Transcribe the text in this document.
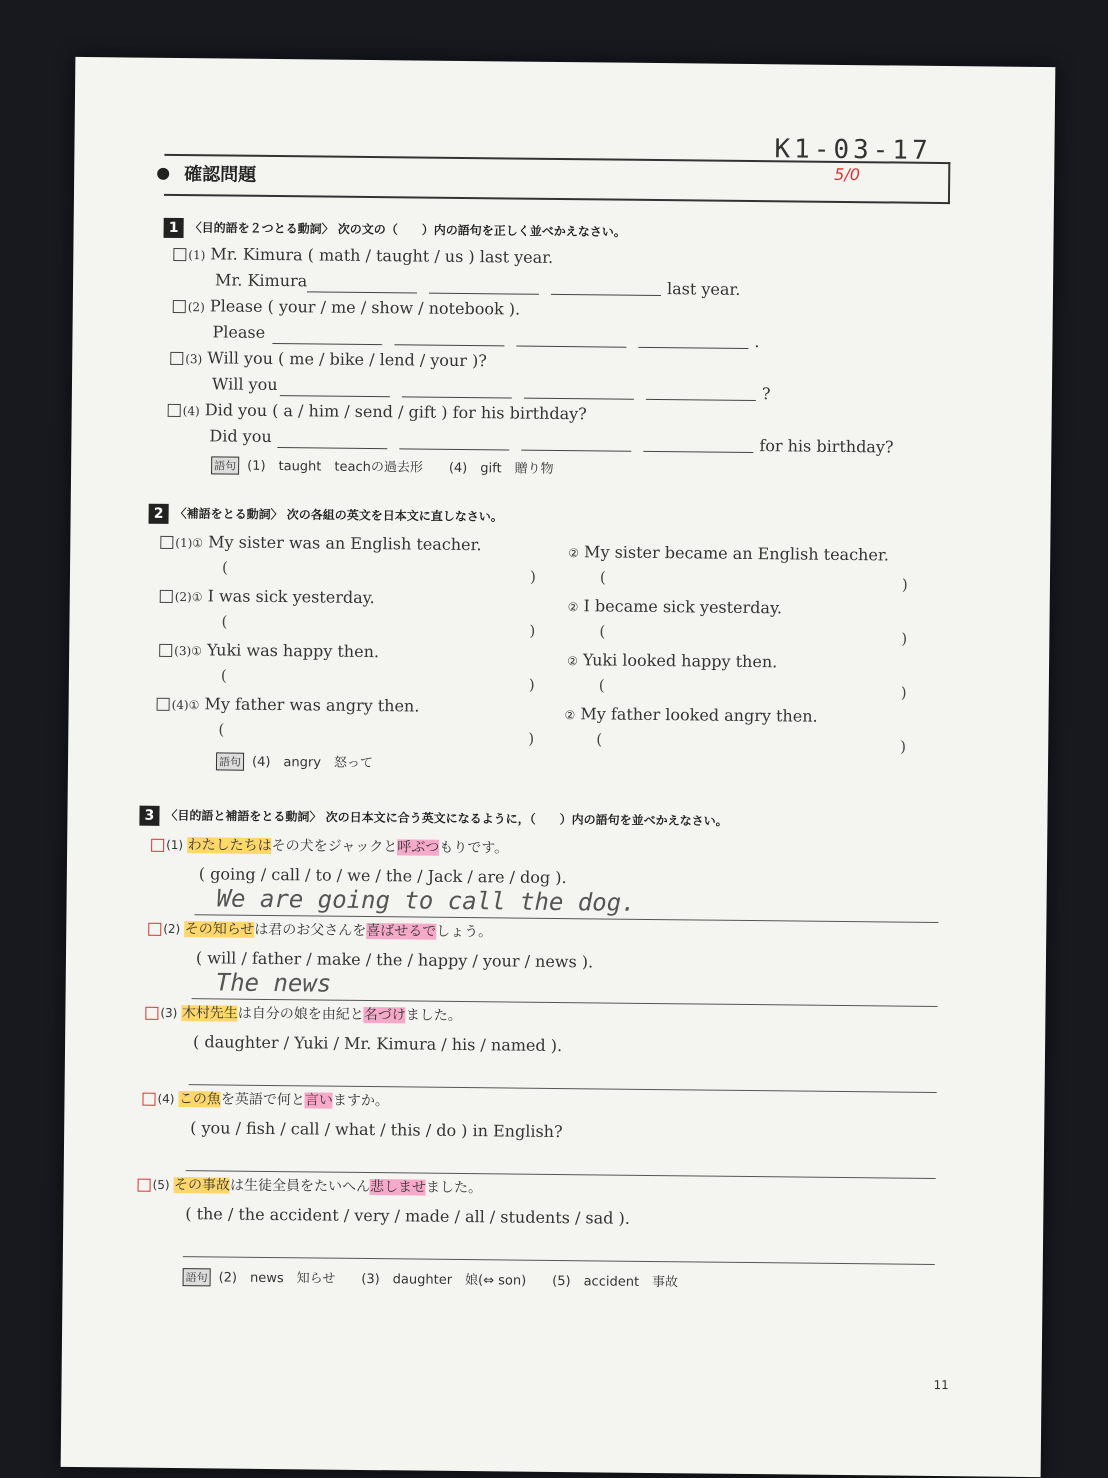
K1-03-17
確認問題	5/0
1 〈目的語を２つとる動詞〉 次の文の（　　）内の語句を正しく並べかえなさい。
(1) Mr. Kimura ( math / taught / us ) last year.
Mr. Kimura	last year.
(2) Please ( your / me / show / notebook ).
Please	.
(3) Will you ( me / bike / lend / your )?
Will you	?
(4) Did you ( a / him / send / gift ) for his birthday?
Did you	for his birthday?
語句 (1)　taught　teachの過去形　　(4)　gift　贈り物
2 〈補語をとる動詞〉 次の各組の英文を日本文に直しなさい。
(1)① My sister was an English teacher.
(
)
② My sister became an English teacher.
(	)
(2)① I was sick yesterday.
(
)
② I became sick yesterday.
(	)
(3)① Yuki was happy then.
(
)
② Yuki looked happy then.
(	)
(4)① My father was angry then.
(
)
② My father looked angry then.
(	)
語句 (4)　angry　怒って
3 〈目的語と補語をとる動詞〉 次の日本文に合う英文になるように，（　　）内の語句を並べかえなさい。
(1) わたしたちはその犬をジャックと呼ぶつもりです。
( going / call / to / we / the / Jack / are / dog ).
We are going to call the dog.
(2) その知らせは君のお父さんを喜ばせるでしょう。
( will / father / make / the / happy / your / news ).
The news
(3) 木村先生は自分の娘を由紀と名づけました。
( daughter / Yuki / Mr. Kimura / his / named ).
(4) この魚を英語で何と言いますか。
( you / fish / call / what / this / do ) in English?
(5) その事故は生徒全員をたいへん悲しませました。
( the / the accident / very / made / all / students / sad ).
語句 (2)　news　知らせ　　(3)　daughter　娘(⇔ son)　　(5)　accident　事故
11
